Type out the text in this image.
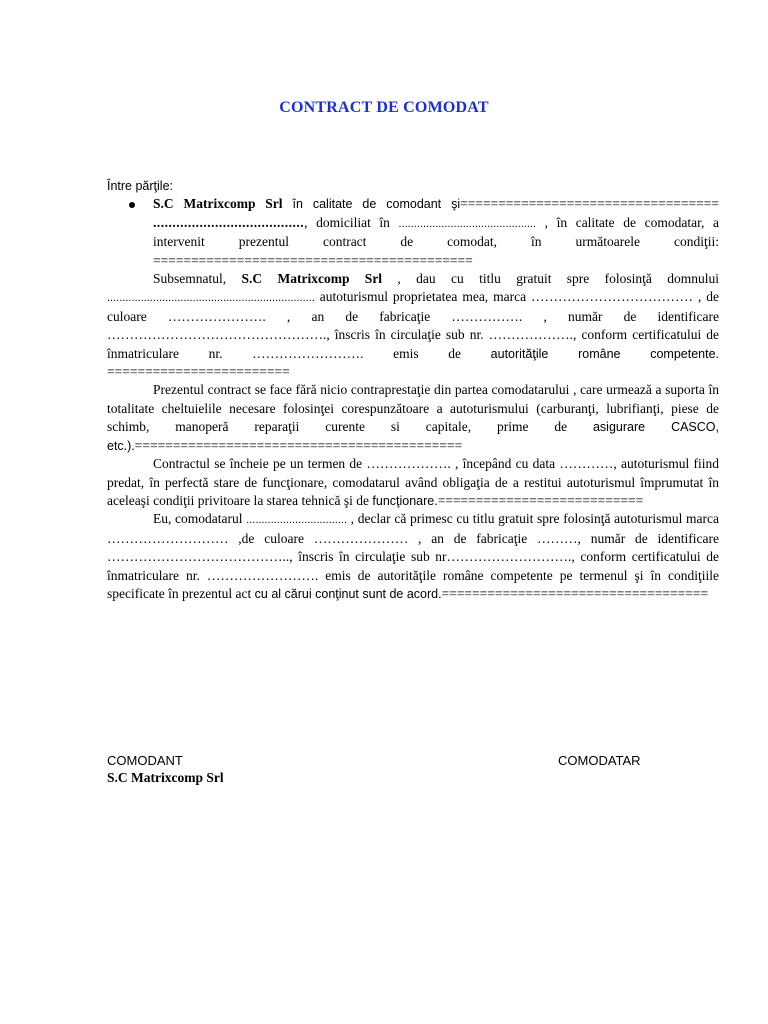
CONTRACT DE COMODAT

Între părţile:

S.C Matrixcomp Srl în calitate de comodant şi================================== ......................................., domiciliat în ............................................. , în calitate de comodatar, a intervenit prezentul contract de comodat, în următoarele condiţii: ==========================================

Subsemnatul, S.C Matrixcomp Srl , dau cu titlu gratuit spre folosinţă domnului .................................................................... autoturismul proprietatea mea, marca ……………………………… , de culoare …………………. , an de fabricaţie ……………. , număr de identificare …………………………………………., înscris în circulaţie sub nr. ………………., conform certificatului de înmatriculare nr. ……………………. emis de autorităţile române competente. ========================

Prezentul contract se face fără nicio contraprestaţie din partea comodatarului , care urmează a suporta în totalitate cheltuielile necesare folosinţei corespunzătoare a autoturismului (carburanţi, lubrifianţi, piese de schimb, manoperă reparaţii curente si capitale, prime de asigurare CASCO, etc.).===========================================

Contractul se încheie pe un termen de ………………. , începând cu data …………, autoturismul fiind predat, în perfectă stare de funcţionare, comodatarul având obligaţia de a restitui autoturismul împrumutat în aceleaşi condiţii privitoare la starea tehnică şi de funcţionare.===========================

Eu, comodatarul ................................. , declar că primesc cu titlu gratuit spre folosinţă autoturismul marca ……………………… ,de culoare ………………… , an de fabricaţie ………, număr de identificare ………………………………….., înscris în circulaţie sub nr………………………., conform certificatului de înmatriculare nr. ……………………. emis de autorităţile române competente pe termenul şi în condiţiile specificate în prezentul act cu al cărui conţinut sunt de acord.===================================

COMODANT
S.C Matrixcomp Srl
COMODATAR
